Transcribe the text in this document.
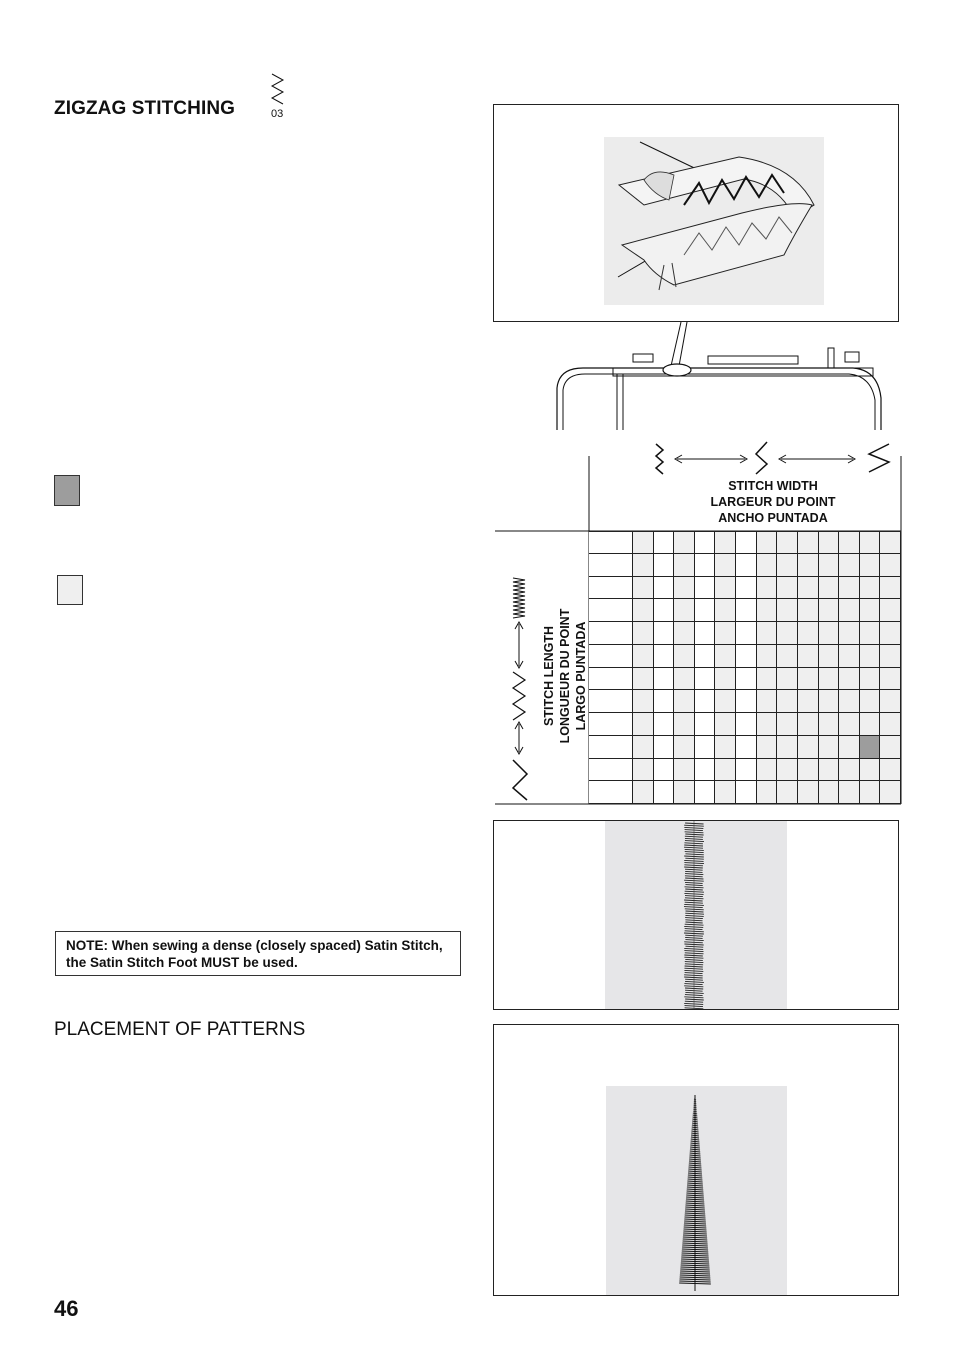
ZIGZAG STITCHING	03
NOTE: When sewing a dense (closely spaced) Satin Stitch, the Satin Stitch Foot MUST be used.
PLACEMENT OF PATTERNS
46
STITCH WIDTH
LARGEUR DU POINT
ANCHO PUNTADA
STITCH LENGTH LONGUEUR DU POINT LARGO PUNTADA
